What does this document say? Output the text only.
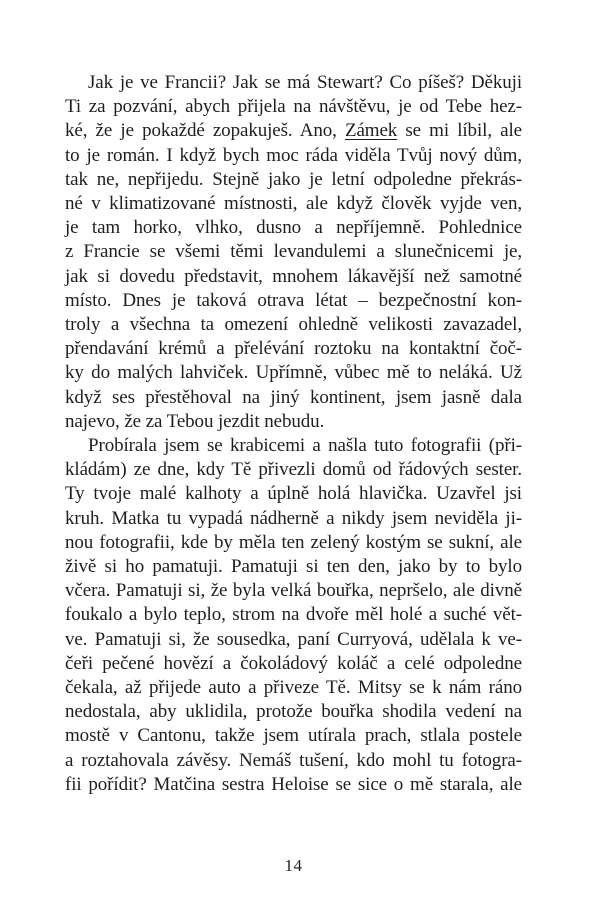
Jak je ve Francii? Jak se má Stewart? Co píšeš? Děkuji
Ti za pozvání, abych přijela na návštěvu, je od Tebe hez-
ké, že je pokaždé zopakuješ. Ano, Zámek se mi líbil, ale
to je román. I když bych moc ráda viděla Tvůj nový dům,
tak ne, nepřijedu. Stejně jako je letní odpoledne překrás-
né v klimatizované místnosti, ale když člověk vyjde ven,
je tam horko, vlhko, dusno a nepříjemně. Pohlednice
z Francie se všemi těmi levandulemi a slunečnicemi je,
jak si dovedu představit, mnohem lákavější než samotné
místo. Dnes je taková otrava létat – bezpečnostní kon-
troly a všechna ta omezení ohledně velikosti zavazadel,
přendavání krémů a přelévání roztoku na kontaktní čoč-
ky do malých lahviček. Upřímně, vůbec mě to neláká. Už
když ses přestěhoval na jiný kontinent, jsem jasně dala
najevo, že za Tebou jezdit nebudu.
Probírala jsem se krabicemi a našla tuto fotografii (při-
kládám) ze dne, kdy Tě přivezli domů od řádových sester.
Ty tvoje malé kalhoty a úplně holá hlavička. Uzavřel jsi
kruh. Matka tu vypadá nádherně a nikdy jsem neviděla ji-
nou fotografii, kde by měla ten zelený kostým se sukní, ale
živě si ho pamatuji. Pamatuji si ten den, jako by to bylo
včera. Pamatuji si, že byla velká bouřka, nepršelo, ale divně
foukalo a bylo teplo, strom na dvoře měl holé a suché vět-
ve. Pamatuji si, že sousedka, paní Curryová, udělala k ve-
čeři pečené hovězí a čokoládový koláč a celé odpoledne
čekala, až přijede auto a přiveze Tě. Mitsy se k nám ráno
nedostala, aby uklidila, protože bouřka shodila vedení na
mostě v Cantonu, takže jsem utírala prach, stlala postele
a roztahovala závěsy. Nemáš tušení, kdo mohl tu fotogra-
fii pořídit? Matčina sestra Heloise se sice o mě starala, ale
14
